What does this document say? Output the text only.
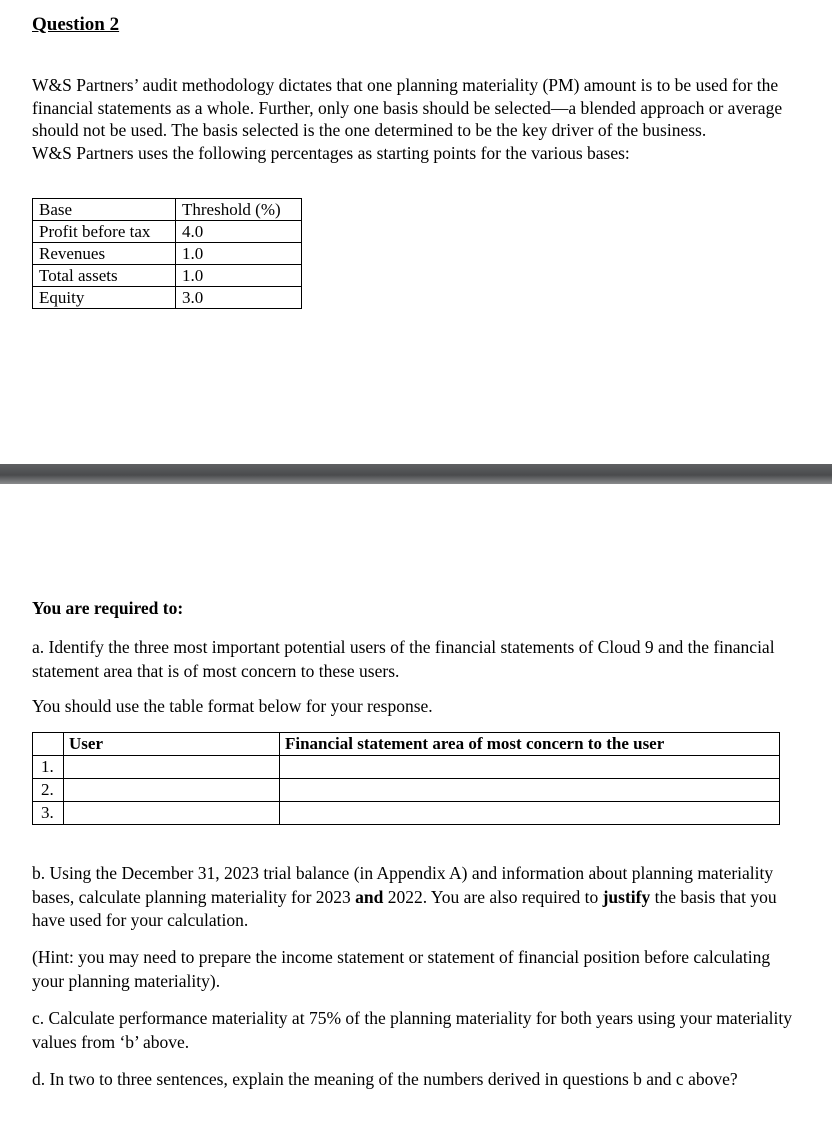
Question 2

W&S Partners’ audit methodology dictates that one planning materiality (PM) amount is to be used for the financial statements as a whole. Further, only one basis should be selected—a blended approach or average should not be used. The basis selected is the one determined to be the key driver of the business.

W&S Partners uses the following percentages as starting points for the various bases:

Base	Threshold (%)
Profit before tax	4.0
Revenues	1.0
Total assets	1.0
Equity	3.0
You are required to:
a. Identify the three most important potential users of the financial statements of Cloud 9 and the financial statement area that is of most concern to these users.
You should use the table format below for your response.
	User	Financial statement area of most concern to the user
1.		
2.		
3.		
b. Using the December 31, 2023 trial balance (in Appendix A) and information about planning materiality bases, calculate planning materiality for 2023 and 2022. You are also required to justify the basis that you have used for your calculation.
(Hint: you may need to prepare the income statement or statement of financial position before calculating your planning materiality).
c. Calculate performance materiality at 75% of the planning materiality for both years using your materiality values from ‘b’ above.
d. In two to three sentences, explain the meaning of the numbers derived in questions b and c above?
